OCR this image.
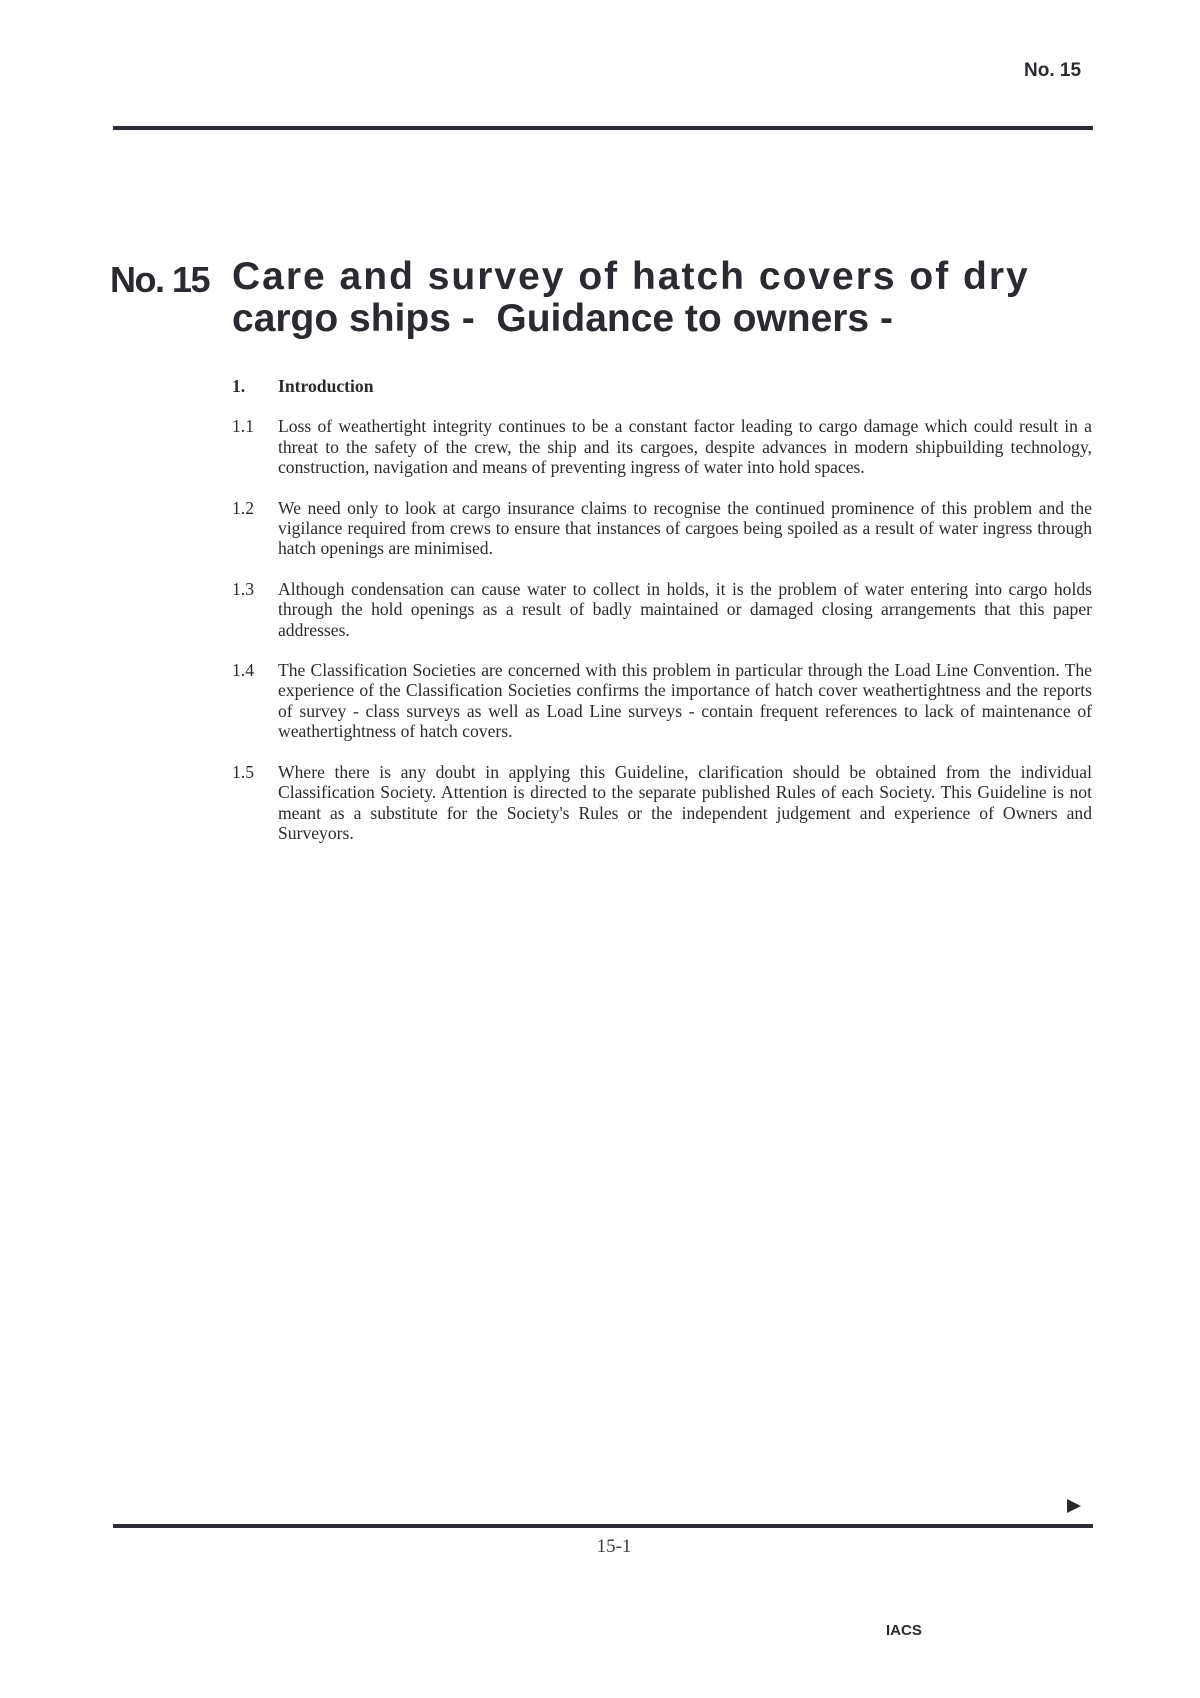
No. 15
No. 15 Care and survey of hatch covers of dry
cargo ships -  Guidance to owners -
1.	Introduction
1.1	Loss of weathertight integrity continues to be a constant factor leading to cargo damage which could result in a threat to the safety of the crew, the ship and its cargoes, despite advances in modern shipbuilding technology, construction, navigation and means of preventing ingress of water into hold spaces.
1.2	We need only to look at cargo insurance claims to recognise the continued prominence of this problem and the vigilance required from crews to ensure that instances of cargoes being spoiled as a result of water ingress through hatch openings are minimised.
1.3	Although condensation can cause water to collect in holds, it is the problem of water entering into cargo holds through the hold openings as a result of badly maintained or damaged closing arrangements that this paper addresses.
1.4	The Classification Societies are concerned with this problem in particular through the Load Line Convention. The experience of the Classification Societies confirms the importance of hatch cover weathertightness and the reports of survey - class surveys as well as Load Line surveys - contain frequent references to lack of maintenance of weathertightness of hatch covers.
1.5	Where there is any doubt in applying this Guideline, clarification should be obtained from the individual Classification Society. Attention is directed to the separate published Rules of each Society. This Guideline is not meant as a substitute for the Society's Rules or the independent judgement and experience of Owners and Surveyors.
15-1
IACS
